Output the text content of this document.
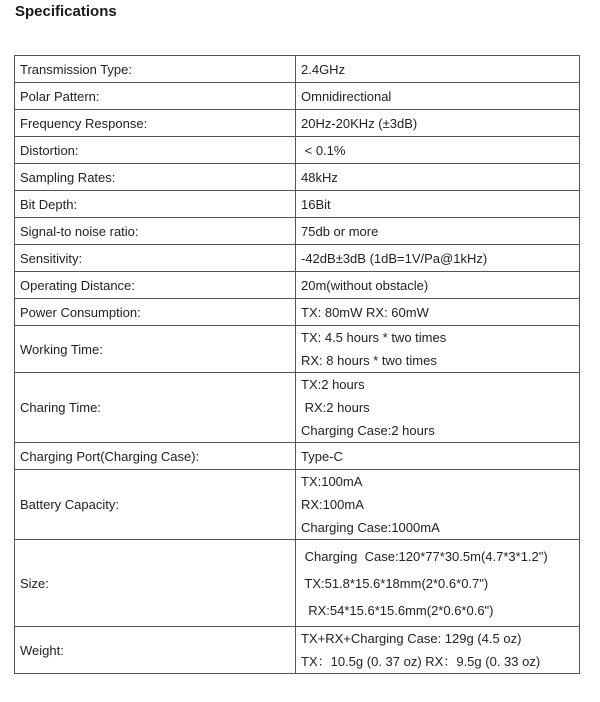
Specifications
Transmission Type:	2.4GHz

Polar Pattern:	Omnidirectional

Frequency Response:	20Hz-20KHz (±3dB)

Distortion:	< 0.1%

Sampling Rates:	48kHz

Bit Depth:	16Bit

Signal-to noise ratio:	75db or more

Sensitivity:	-42dB±3dB (1dB=1V/Pa@1kHz)

Operating Distance:	20m(without obstacle)

Power Consumption:	TX: 80mW RX: 60mW

Working Time:	TX: 4.5 hours * two times
RX: 8 hours * two times

Charing Time:	TX:2 hours
RX:2 hours
Charging Case:2 hours

Charging Port(Charging Case):	Type-C

Battery Capacity:	TX:100mA
RX:100mA
Charging Case:1000mA

Size:	Charging  Case:120*77*30.5m(4.7*3*1.2")
TX:51.8*15.6*18mm(2*0.6*0.7")
RX:54*15.6*15.6mm(2*0.6*0.6")

Weight:	TX+RX+Charging Case: 129g (4.5 oz)
TX：10.5g (0. 37 oz) RX：9.5g (0. 33 oz)
